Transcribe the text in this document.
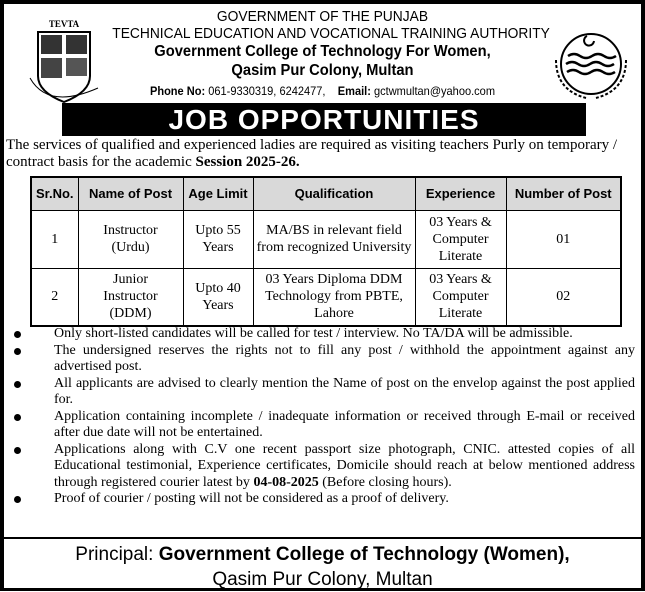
TEVTA	GOVERNMENT OF THE PUNJAB
TECHNICAL EDUCATION AND VOCATIONAL TRAINING AUTHORITY
Government College of Technology For Women,
Qasim Pur Colony, Multan
Phone No: 061-9330319, 6242477, Email: gctwmultan@yahoo.com
JOB OPPORTUNITIES
The services of qualified and experienced ladies are required as visiting teachers Purly on temporary / contract basis for the academic Session 2025-26.
Sr.No.	Name of Post	Age Limit	Qualification	Experience	Number of Post
1	Instructor (Urdu)	Upto 55 Years	MA/BS in relevant field from recognized University	03 Years & Computer Literate	01
2	Junior Instructor (DDM)	Upto 40 Years	03 Years Diploma DDM Technology from PBTE, Lahore	03 Years & Computer Literate	02
Only short-listed candidates will be called for test / interview. No TA/DA will be admissible.
The undersigned reserves the rights not to fill any post / withhold the appointment against any advertised post.
All applicants are advised to clearly mention the Name of post on the envelop against the post applied for.
Application containing incomplete / inadequate information or received through E-mail or received after due date will not be entertained.
Applications along with C.V one recent passport size photograph, CNIC. attested copies of all Educational testimonial, Experience certificates, Domicile should reach at below mentioned address through registered courier latest by 04-08-2025 (Before closing hours).
Proof of courier / posting will not be considered as a proof of delivery.
Principal: Government College of Technology (Women),
Qasim Pur Colony, Multan
